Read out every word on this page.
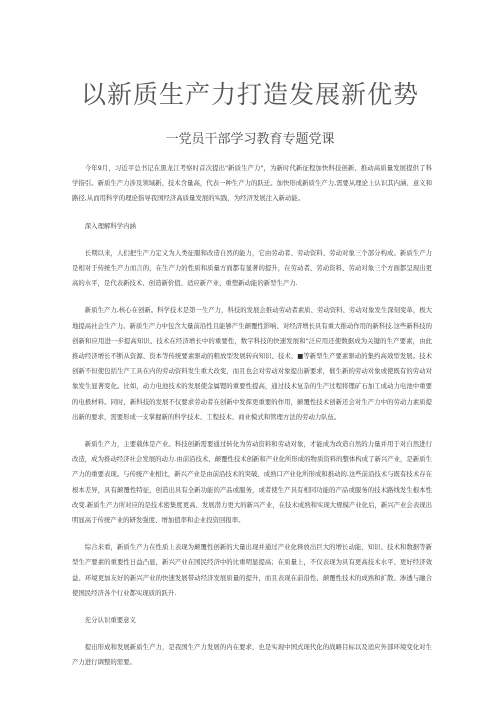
以新质生产力打造发展新优势
一党员干部学习教育专题党课

今年9月，习近平总书记在黑龙江考察时首次提出"新质生产力"，为新时代新征程加快科技创新、推动高质量发展提供了科学指引。新质生产力涉及领域新、技术含量高，代表一种生产力的跃迁。加快形成新质生产力,需要从理论上认识其内涵、意义和路径,从而用科学的理论指导我国经济高质量发展的实践，为经济发展注入新动能。

深入理解科学内涵

长期以来，人们把生产力定义为人类征服和改造自然的能力，它由劳动者、劳动资料、劳动对象三个部分构成。新质生产力是相对于传统生产力而言的，在生产力的性质和质量方面都有显著的提升，在劳动者、劳动资料、劳动对象三个方面都呈现出更高的水平，是代表新技术、创造新价值、适应新产业、重塑新动能的新型生产力.

新质生产力,核心在创新。科学技术是第一生产力，科技的发展会推动劳动者素质、劳动资料、劳动对象发生深刻变革，极大地提高社会生产力。新质生产力中包含大量前沿性且能够产生颠覆性影响、对经济增长具有重大推动作用的新科技.这些新科技的创新和应用进一步提高知识、技术在经济增长中的重要性，数字科技的快速发展和"泛应用还使数据成为关键的生产要素，由此推动经济增长不断从资源、资本等传统要素驱动的粗放型发展转向知识、技术、■等新型生产要素驱动的集约高效型发展。技术创新不但使包括生产工具在内的劳动资料发生重大改变，而且也会对劳动对象提出新要求，催生新的劳动对象或使既有的劳动对象发生显著变化。比如，动力电池技术的发展使金属锂的重要性提高，通过技术复杂的生产过程将锂矿石加工成动力电池中重要的电极材料。同时，新科技的发展不仅要求劳动者在创新中发挥更重要的作用，颠覆性技术创新还会对生产力中的劳动力素质提出新的要求，需要形成一支掌握新的科学技术、工程技术、商业模式和管理方法的劳动力队伍。

新质生产力，主要载体是产业。科技创新需要通过转化为劳动资料和劳动对象，才能成为改造自然的力量并用于对自然进行改造，成为推动经济社会发展的动力.由前沿技术、颠覆性技术创新和产业化所形成的物质资料的整体构成了新兴产业，是新质生产力的重要表现。与传统产业相比，新兴产业是由前沿技术的突破、成熟口产业化所形成和推动的.这些前沿技术与既有技术存在根本差异，具有颠覆性特征，创造出具有全新功能的产品或服务，或者使生产具有相同功能的产品或服务的技术路线发生根本性改变.新质生产力所对应的是技术密集度更高、发展潜力更大的新兴产业，在技术成熟和实现大规模产业化后，新兴产业会表现出明显高于传统产业的研发强度、增加值率和企业投资回报率。

综合来看，新质生产力在性质上表现为颠覆性创新的大量出现并通过产业化释放出巨大的增长动能，知识、技术和数据等新型生产要素的重要性日益凸显，新兴产业在国民经济中的比重明显提高；在质量上，不仅表现为具有更高技术水平、更好经济效益、环境更加友好的新兴产业的快速发展带动经济发展质量的提升，而且表现在前沿性、颠覆性技术的成熟和扩散、渗透与融合使国民经济各个行业都实现质的跃升.

充分认识重要意义

提出形成和发展新质生产力，是我国生产力发展的内在要求，也是实现中国式现代化的战略目标以及适应外部环境变化对生产力进行调整的需要。
